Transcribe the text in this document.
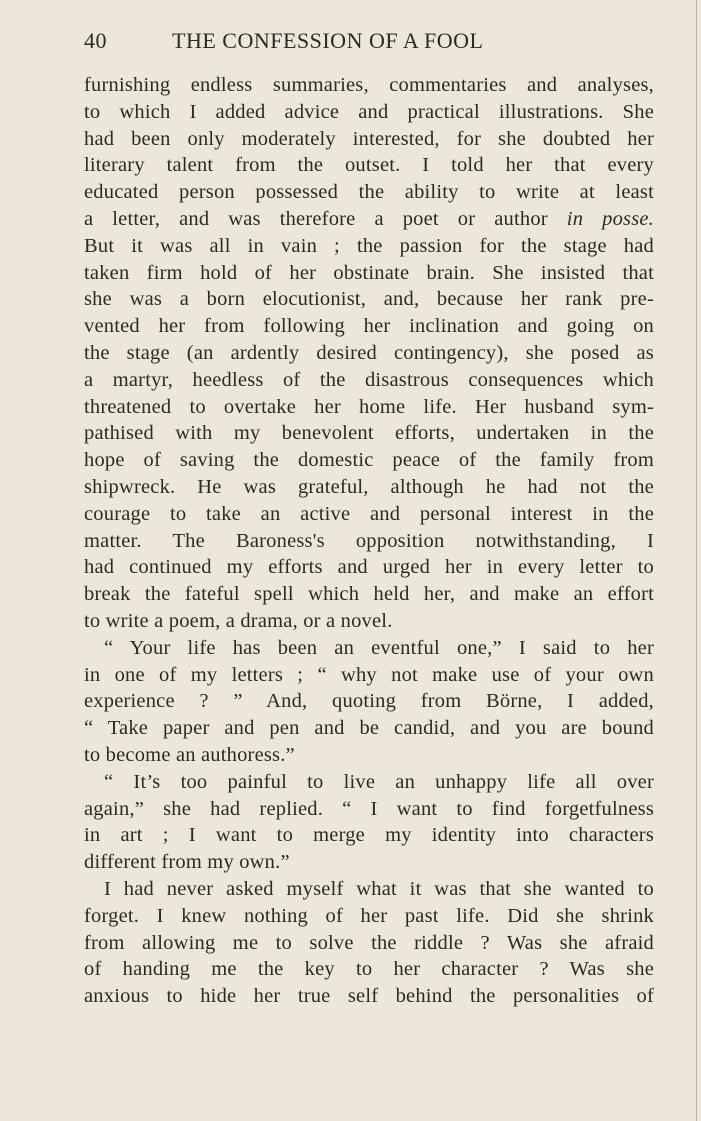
40	THE CONFESSION OF A FOOL
furnishing endless summaries, commentaries and analyses,
to which I added advice and practical illustrations. She
had been only moderately interested, for she doubted her
literary talent from the outset. I told her that every
educated person possessed the ability to write at least
a letter, and was therefore a poet or author in posse.
But it was all in vain ; the passion for the stage had
taken firm hold of her obstinate brain. She insisted that
she was a born elocutionist, and, because her rank pre-
vented her from following her inclination and going on
the stage (an ardently desired contingency), she posed as
a martyr, heedless of the disastrous consequences which
threatened to overtake her home life. Her husband sym-
pathised with my benevolent efforts, undertaken in the
hope of saving the domestic peace of the family from
shipwreck. He was grateful, although he had not the
courage to take an active and personal interest in the
matter. The Baroness's opposition notwithstanding, I
had continued my efforts and urged her in every letter to
break the fateful spell which held her, and make an effort
to write a poem, a drama, or a novel.
“ Your life has been an eventful one,” I said to her
in one of my letters ; “ why not make use of your own
experience ? ” And, quoting from Börne, I added,
“ Take paper and pen and be candid, and you are bound
to become an authoress.”
“ It’s too painful to live an unhappy life all over
again,” she had replied. “ I want to find forgetfulness
in art ; I want to merge my identity into characters
different from my own.”
I had never asked myself what it was that she wanted to
forget. I knew nothing of her past life. Did she shrink
from allowing me to solve the riddle ? Was she afraid
of handing me the key to her character ? Was she
anxious to hide her true self behind the personalities of
